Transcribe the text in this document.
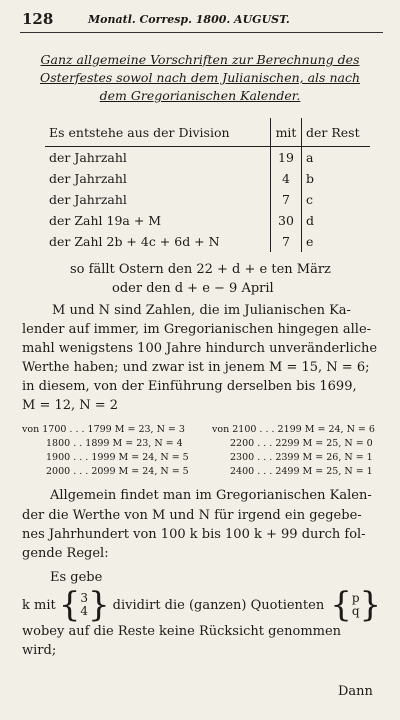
128	Monatl. Corresp. 1800. AUGUST.
Ganz allgemeine Vorschriften zur Berechnung des
Osterfestes sowol nach dem Julianischen, als nach
dem Gregorianischen Kalender.
Es entstehe aus der Division	mit	der Rest
der Jahrzahl	19	a
der Jahrzahl	4	b
der Jahrzahl	7	c
der Zahl 19a + M	30	d
der Zahl 2b + 4c + 6d + N	7	e
so fällt Ostern den 22 + d + e ten März
oder den d + e − 9 April
M und N sind Zahlen, die im Julianischen Ka-
lender auf immer, im Gregorianischen hingegen alle-
mahl wenigstens 100 Jahre hindurch unveränderliche
Werthe haben; und zwar ist in jenem M = 15, N = 6;
in diesem, von der Einführung derselben bis 1699,
M = 12, N = 2
von 1700 . . . 1799 M = 23, N = 3
1800 . . 1899 M = 23, N = 4
1900 . . . 1999 M = 24, N = 5
2000 . . . 2099 M = 24, N = 5
von 2100 . . . 2199 M = 24, N = 6
2200 . . . 2299 M = 25, N = 0
2300 . . . 2399 M = 26, N = 1
2400 . . . 2499 M = 25, N = 1
Allgemein findet man im Gregorianischen Kalen-
der die Werthe von M und N für irgend ein gegebe-
nes Jahrhundert von 100 k bis 100 k + 99 durch fol-
gende Regel:
Es gebe
k mit { 3
4 } dividirt die (ganzen) Quotienten { p
q }
wobey auf die Reste keine Rücksicht genommen
wird;
Dann
